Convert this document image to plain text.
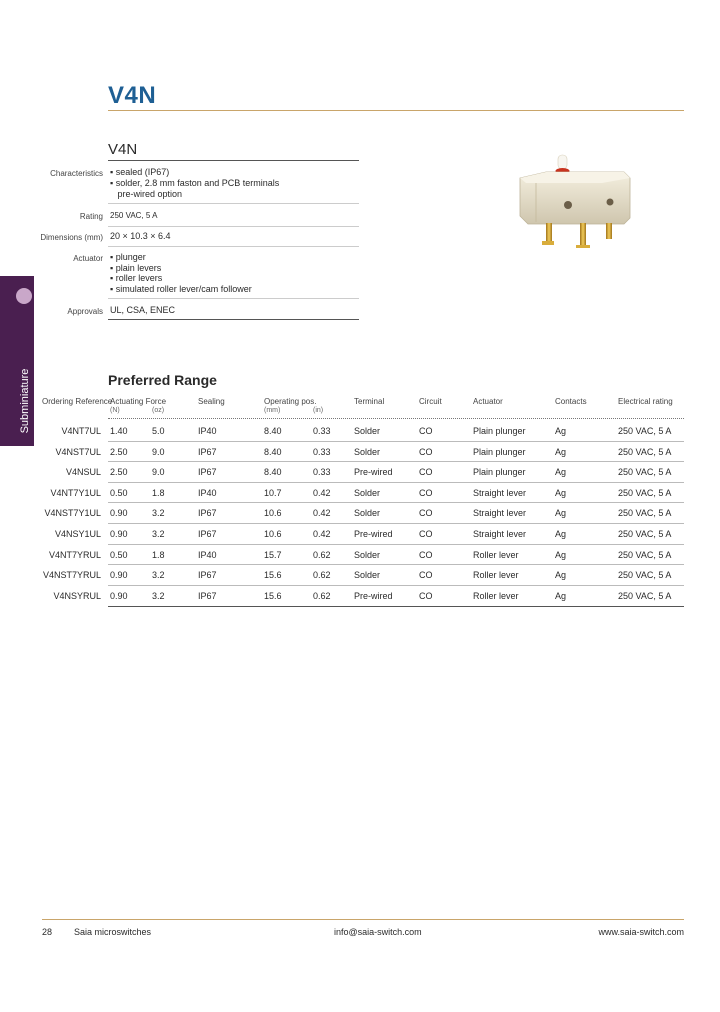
V4N
Subminiature
V4N
Characteristics ▪ sealed (IP67)
▪ solder, 2.8 mm faston and PCB terminals
pre-wired option
Rating 250 VAC, 5 A
Dimensions (mm) 20 × 10.3 × 6.4
Actuator ▪ plunger
▪ plain levers
▪ roller levers
▪ simulated roller lever/cam follower
Approvals UL, CSA, ENEC
Preferred Range
Ordering Reference
Actuating Force	Sealing	Operating pos.	Terminal	Circuit	Actuator	Contacts	Electrical rating
(N)	(oz)	(mm)	(in)
V4NT7UL 1.40	5.0	IP40	8.40	0.33	Solder	CO	Plain plunger	Ag	250 VAC, 5 A
V4NST7UL 2.50	9.0	IP67	8.40	0.33	Solder	CO	Plain plunger	Ag	250 VAC, 5 A
V4NSUL 2.50	9.0	IP67	8.40	0.33	Pre-wired	CO	Plain plunger	Ag	250 VAC, 5 A
V4NT7Y1UL 0.50	1.8	IP40	10.7	0.42	Solder	CO	Straight lever	Ag	250 VAC, 5 A
V4NST7Y1UL 0.90	3.2	IP67	10.6	0.42	Solder	CO	Straight lever	Ag	250 VAC, 5 A
V4NSY1UL 0.90	3.2	IP67	10.6	0.42	Pre-wired	CO	Straight lever	Ag	250 VAC, 5 A
V4NT7YRUL 0.50	1.8	IP40	15.7	0.62	Solder	CO	Roller lever	Ag	250 VAC, 5 A
V4NST7YRUL 0.90	3.2	IP67	15.6	0.62	Solder	CO	Roller lever	Ag	250 VAC, 5 A
V4NSYRUL 0.90	3.2	IP67	15.6	0.62	Pre-wired	CO	Roller lever	Ag	250 VAC, 5 A
28 Saia microswitches	info@saia-switch.com	www.saia-switch.com
